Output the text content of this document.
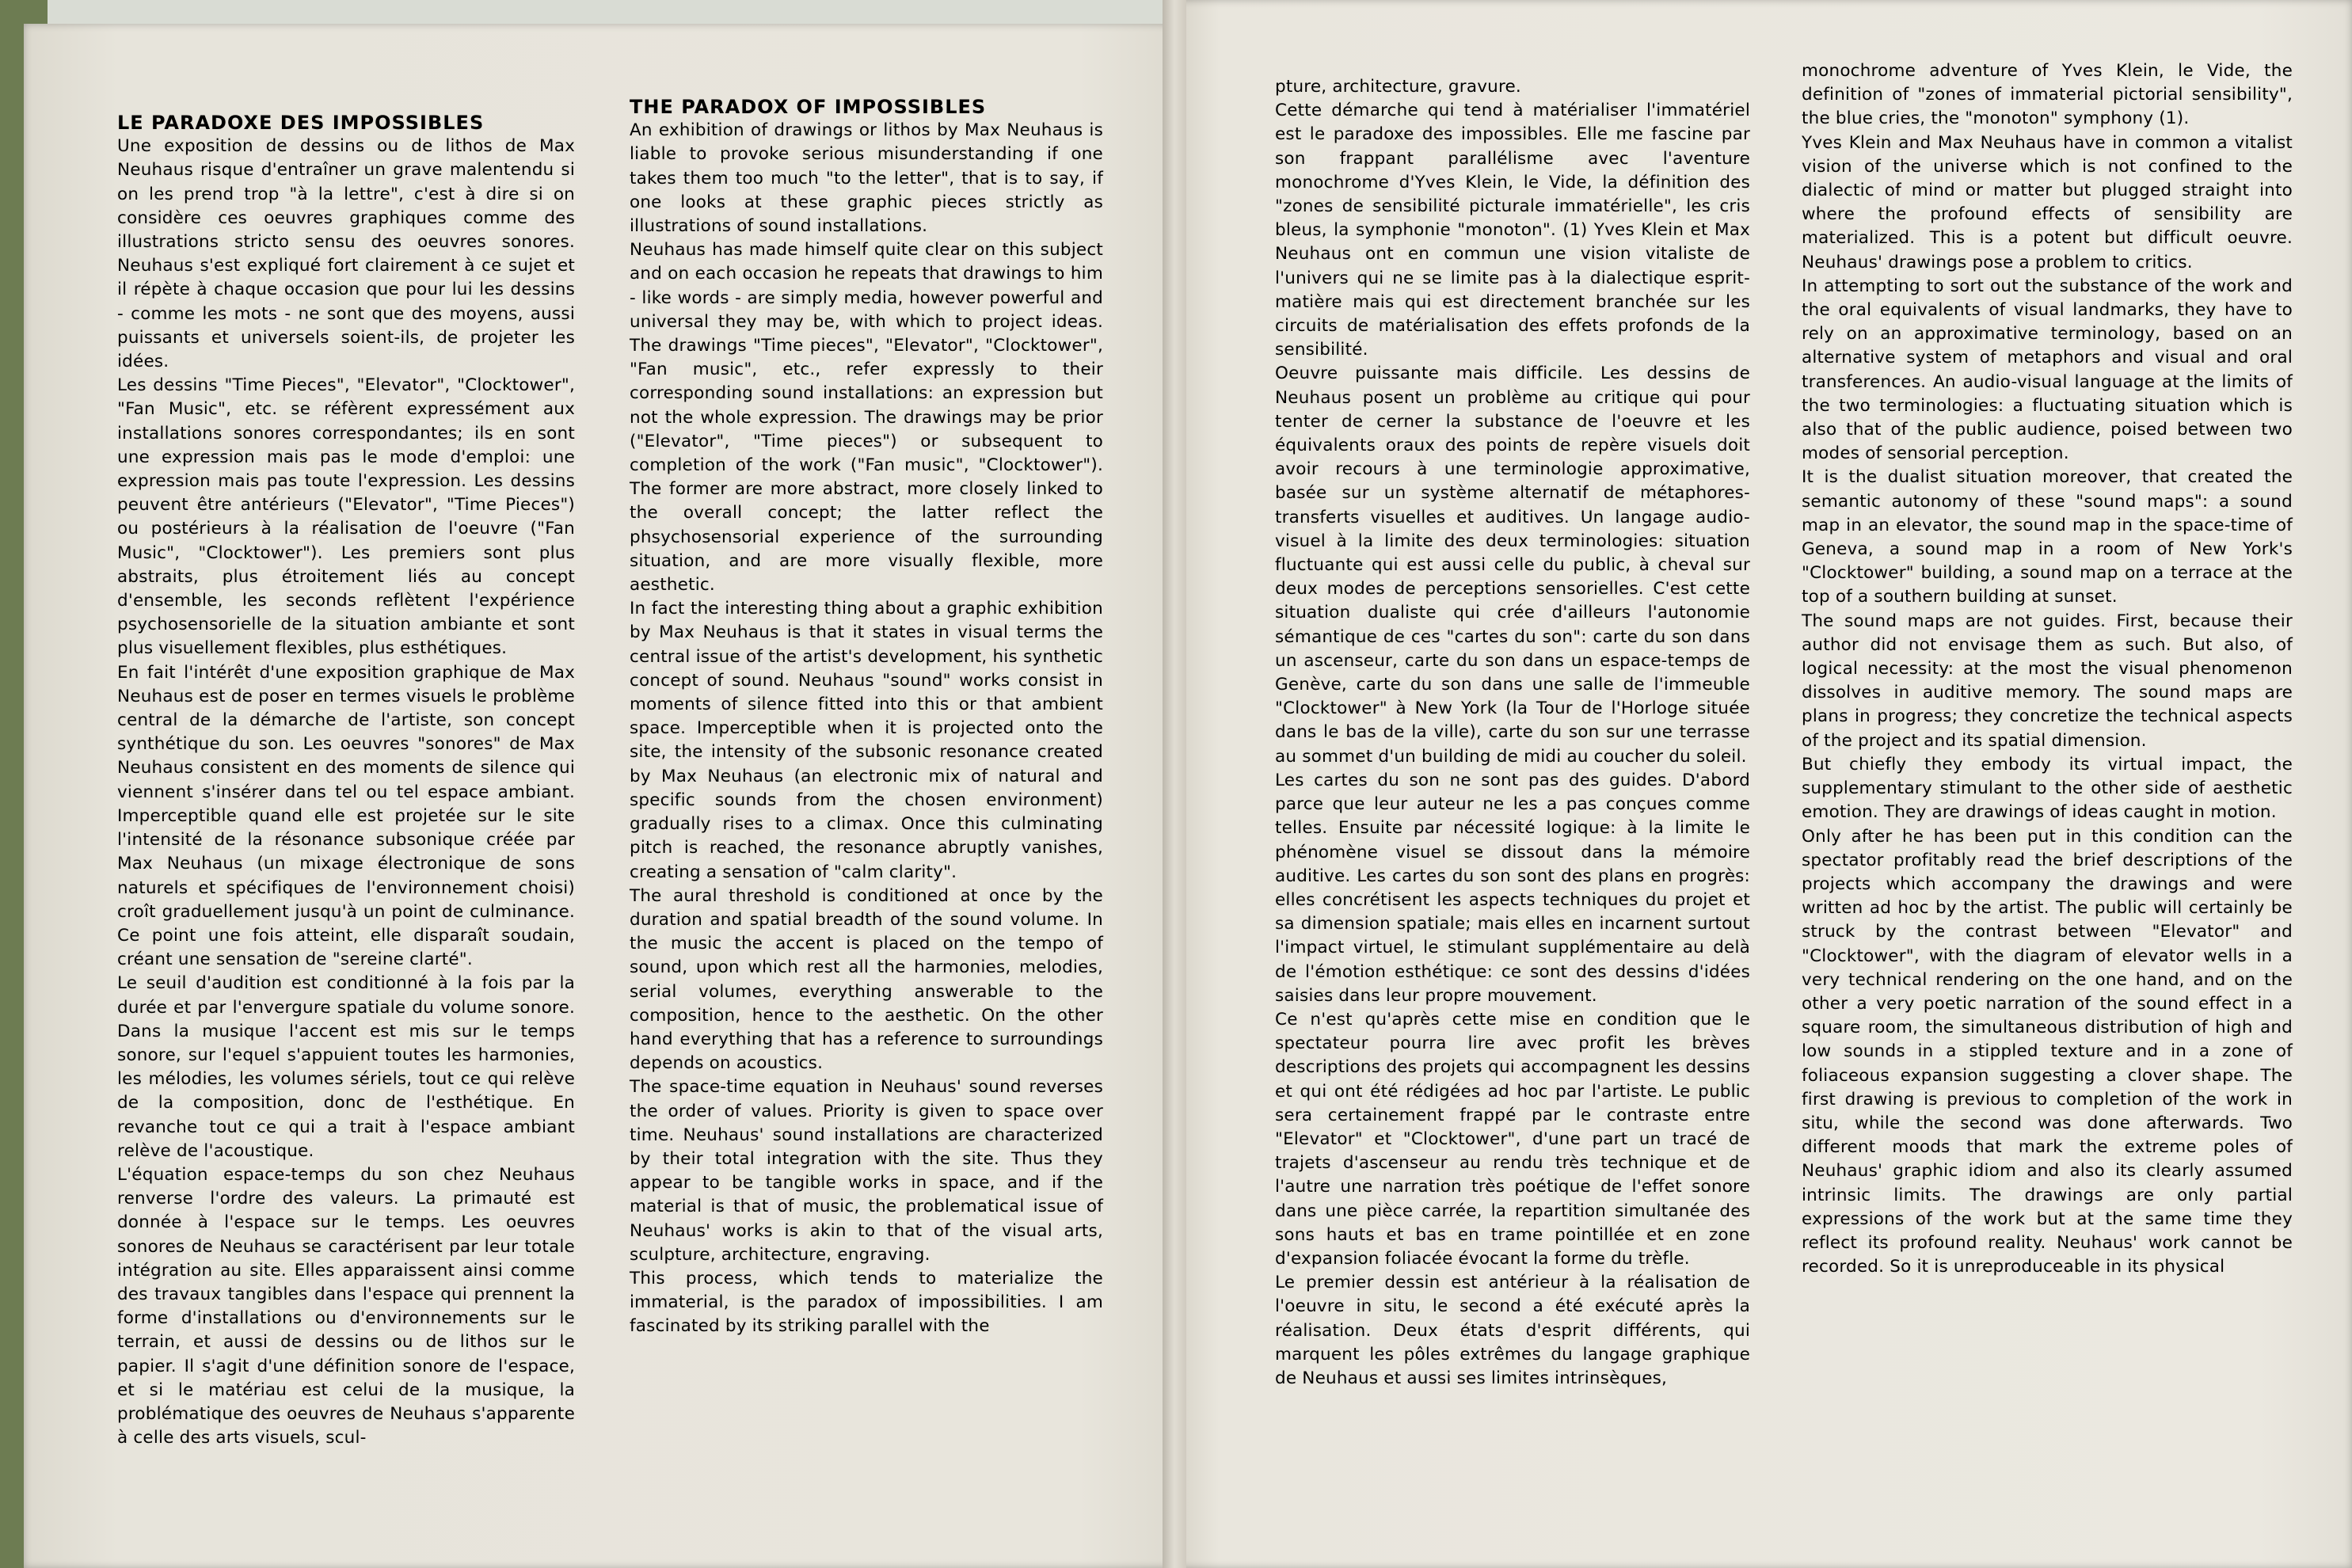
LE PARADOXE DES IMPOSSIBLES

Une exposition de dessins ou de lithos de Max Neuhaus risque d'entraîner un grave malentendu si on les prend trop "à la lettre", c'est à dire si on considère ces oeuvres graphiques comme des illustrations stricto sensu des oeuvres sonores. Neuhaus s'est expliqué fort clairement à ce sujet et il répète à chaque occasion que pour lui les dessins - comme les mots - ne sont que des moyens, aussi puissants et universels soient-ils, de projeter les idées.

Les dessins "Time Pieces", "Elevator", "Clocktower", "Fan Music", etc. se réfèrent expressément aux installations sonores correspondantes; ils en sont une expression mais pas le mode d'emploi: une expression mais pas toute l'expression. Les dessins peuvent être antérieurs ("Elevator", "Time Pieces") ou postérieurs à la réalisation de l'oeuvre ("Fan Music", "Clocktower"). Les premiers sont plus abstraits, plus étroitement liés au concept d'ensemble, les seconds reflètent l'expérience psychosensorielle de la situation ambiante et sont plus visuellement flexibles, plus esthétiques.

En fait l'intérêt d'une exposition graphique de Max Neuhaus est de poser en termes visuels le problème central de la démarche de l'artiste, son concept synthétique du son. Les oeuvres "sonores" de Max Neuhaus consistent en des moments de silence qui viennent s'insérer dans tel ou tel espace ambiant. Imperceptible quand elle est projetée sur le site l'intensité de la résonance subsonique créée par Max Neuhaus (un mixage électronique de sons naturels et spécifiques de l'environnement choisi) croît graduellement jusqu'à un point de culminance. Ce point une fois atteint, elle disparaît soudain, créant une sensation de "sereine clarté".

Le seuil d'audition est conditionné à la fois par la durée et par l'envergure spatiale du volume sonore. Dans la musique l'accent est mis sur le temps sonore, sur l'equel s'appuient toutes les harmonies, les mélodies, les volumes sériels, tout ce qui relève de la composition, donc de l'esthétique. En revanche tout ce qui a trait à l'espace ambiant relève de l'acoustique.

L'équation espace-temps du son chez Neuhaus renverse l'ordre des valeurs. La primauté est donnée à l'espace sur le temps. Les oeuvres sonores de Neuhaus se caractérisent par leur totale intégration au site. Elles apparaissent ainsi comme des travaux tangibles dans l'espace qui prennent la forme d'installations ou d'environnements sur le terrain, et aussi de dessins ou de lithos sur le papier. Il s'agit d'une définition sonore de l'espace, et si le matériau est celui de la musique, la problématique des oeuvres de Neuhaus s'apparente à celle des arts visuels, scul-

THE PARADOX OF IMPOSSIBLES

An exhibition of drawings or lithos by Max Neuhaus is liable to provoke serious misunderstanding if one takes them too much "to the letter", that is to say, if one looks at these graphic pieces strictly as illustrations of sound installations.

Neuhaus has made himself quite clear on this subject and on each occasion he repeats that drawings to him - like words - are simply media, however powerful and universal they may be, with which to project ideas. The drawings "Time pieces", "Elevator", "Clocktower", "Fan music", etc., refer expressly to their corresponding sound installations: an expression but not the whole expression. The drawings may be prior ("Elevator", "Time pieces") or subsequent to completion of the work ("Fan music", "Clocktower"). The former are more abstract, more closely linked to the overall concept; the latter reflect the phsychosensorial experience of the surrounding situation, and are more visually flexible, more aesthetic.

In fact the interesting thing about a graphic exhibition by Max Neuhaus is that it states in visual terms the central issue of the artist's development, his synthetic concept of sound. Neuhaus "sound" works consist in moments of silence fitted into this or that ambient space. Imperceptible when it is projected onto the site, the intensity of the subsonic resonance created by Max Neuhaus (an electronic mix of natural and specific sounds from the chosen environment) gradually rises to a climax. Once this culminating pitch is reached, the resonance abruptly vanishes, creating a sensation of "calm clarity".

The aural threshold is conditioned at once by the duration and spatial breadth of the sound volume. In the music the accent is placed on the tempo of sound, upon which rest all the harmonies, melodies, serial volumes, everything answerable to the composition, hence to the aesthetic. On the other hand everything that has a reference to surroundings depends on acoustics.

The space-time equation in Neuhaus' sound reverses the order of values. Priority is given to space over time. Neuhaus' sound installations are characterized by their total integration with the site. Thus they appear to be tangible works in space, and if the material is that of music, the problematical issue of Neuhaus' works is akin to that of the visual arts, sculpture, architecture, engraving.

This process, which tends to materialize the immaterial, is the paradox of impossibilities. I am fascinated by its striking parallel with the

pture, architecture, gravure.

Cette démarche qui tend à matérialiser l'immatériel est le paradoxe des impossibles. Elle me fascine par son frappant parallélisme avec l'aventure monochrome d'Yves Klein, le Vide, la définition des "zones de sensibilité picturale immatérielle", les cris bleus, la symphonie "monoton". (1) Yves Klein et Max Neuhaus ont en commun une vision vitaliste de l'univers qui ne se limite pas à la dialectique esprit-matière mais qui est directement branchée sur les circuits de matérialisation des effets profonds de la sensibilité.

Oeuvre puissante mais difficile. Les dessins de Neuhaus posent un problème au critique qui pour tenter de cerner la substance de l'oeuvre et les équivalents oraux des points de repère visuels doit avoir recours à une terminologie approximative, basée sur un système alternatif de métaphores-transferts visuelles et auditives. Un langage audio-visuel à la limite des deux terminologies: situation fluctuante qui est aussi celle du public, à cheval sur deux modes de perceptions sensorielles. C'est cette situation dualiste qui crée d'ailleurs l'autonomie sémantique de ces "cartes du son": carte du son dans un ascenseur, carte du son dans un espace-temps de Genève, carte du son dans une salle de l'immeuble "Clocktower" à New York (la Tour de l'Horloge située dans le bas de la ville), carte du son sur une terrasse au sommet d'un building de midi au coucher du soleil.

Les cartes du son ne sont pas des guides. D'abord parce que leur auteur ne les a pas conçues comme telles. Ensuite par nécessité logique: à la limite le phénomène visuel se dissout dans la mémoire auditive. Les cartes du son sont des plans en progrès: elles concrétisent les aspects techniques du projet et sa dimension spatiale; mais elles en incarnent surtout l'impact virtuel, le stimulant supplémentaire au delà de l'émotion esthétique: ce sont des dessins d'idées saisies dans leur propre mouvement.

Ce n'est qu'après cette mise en condition que le spectateur pourra lire avec profit les brèves descriptions des projets qui accompagnent les dessins et qui ont été rédigées ad hoc par l'artiste. Le public sera certainement frappé par le contraste entre "Elevator" et "Clocktower", d'une part un tracé de trajets d'ascenseur au rendu très technique et de l'autre une narration très poétique de l'effet sonore dans une pièce carrée, la repartition simultanée des sons hauts et bas en trame pointillée et en zone d'expansion foliacée évocant la forme du trèfle.

Le premier dessin est antérieur à la réalisation de l'oeuvre in situ, le second a été exécuté après la réalisation. Deux états d'esprit différents, qui marquent les pôles extrêmes du langage graphique de Neuhaus et aussi ses limites intrinsèques,

monochrome adventure of Yves Klein, le Vide, the definition of "zones of immaterial pictorial sensibility", the blue cries, the "monoton" symphony (1).

Yves Klein and Max Neuhaus have in common a vitalist vision of the universe which is not confined to the dialectic of mind or matter but plugged straight into where the profound effects of sensibility are materialized. This is a potent but difficult oeuvre. Neuhaus' drawings pose a problem to critics.

In attempting to sort out the substance of the work and the oral equivalents of visual landmarks, they have to rely on an approximative terminology, based on an alternative system of metaphors and visual and oral transferences. An audio-visual language at the limits of the two terminologies: a fluctuating situation which is also that of the public audience, poised between two modes of sensorial perception.

It is the dualist situation moreover, that created the semantic autonomy of these "sound maps": a sound map in an elevator, the sound map in the space-time of Geneva, a sound map in a room of New York's "Clocktower" building, a sound map on a terrace at the top of a southern building at sunset.

The sound maps are not guides. First, because their author did not envisage them as such. But also, of logical necessity: at the most the visual phenomenon dissolves in auditive memory. The sound maps are plans in progress; they concretize the technical aspects of the project and its spatial dimension.

But chiefly they embody its virtual impact, the supplementary stimulant to the other side of aesthetic emotion. They are drawings of ideas caught in motion.

Only after he has been put in this condition can the spectator profitably read the brief descriptions of the projects which accompany the drawings and were written ad hoc by the artist. The public will certainly be struck by the contrast between "Elevator" and "Clocktower", with the diagram of elevator wells in a very technical rendering on the one hand, and on the other a very poetic narration of the sound effect in a square room, the simultaneous distribution of high and low sounds in a stippled texture and in a zone of foliaceous expansion suggesting a clover shape. The first drawing is previous to completion of the work in situ, while the second was done afterwards. Two different moods that mark the extreme poles of Neuhaus' graphic idiom and also its clearly assumed intrinsic limits. The drawings are only partial expressions of the work but at the same time they reflect its profound reality. Neuhaus' work cannot be recorded. So it is unreproduceable in its physical
